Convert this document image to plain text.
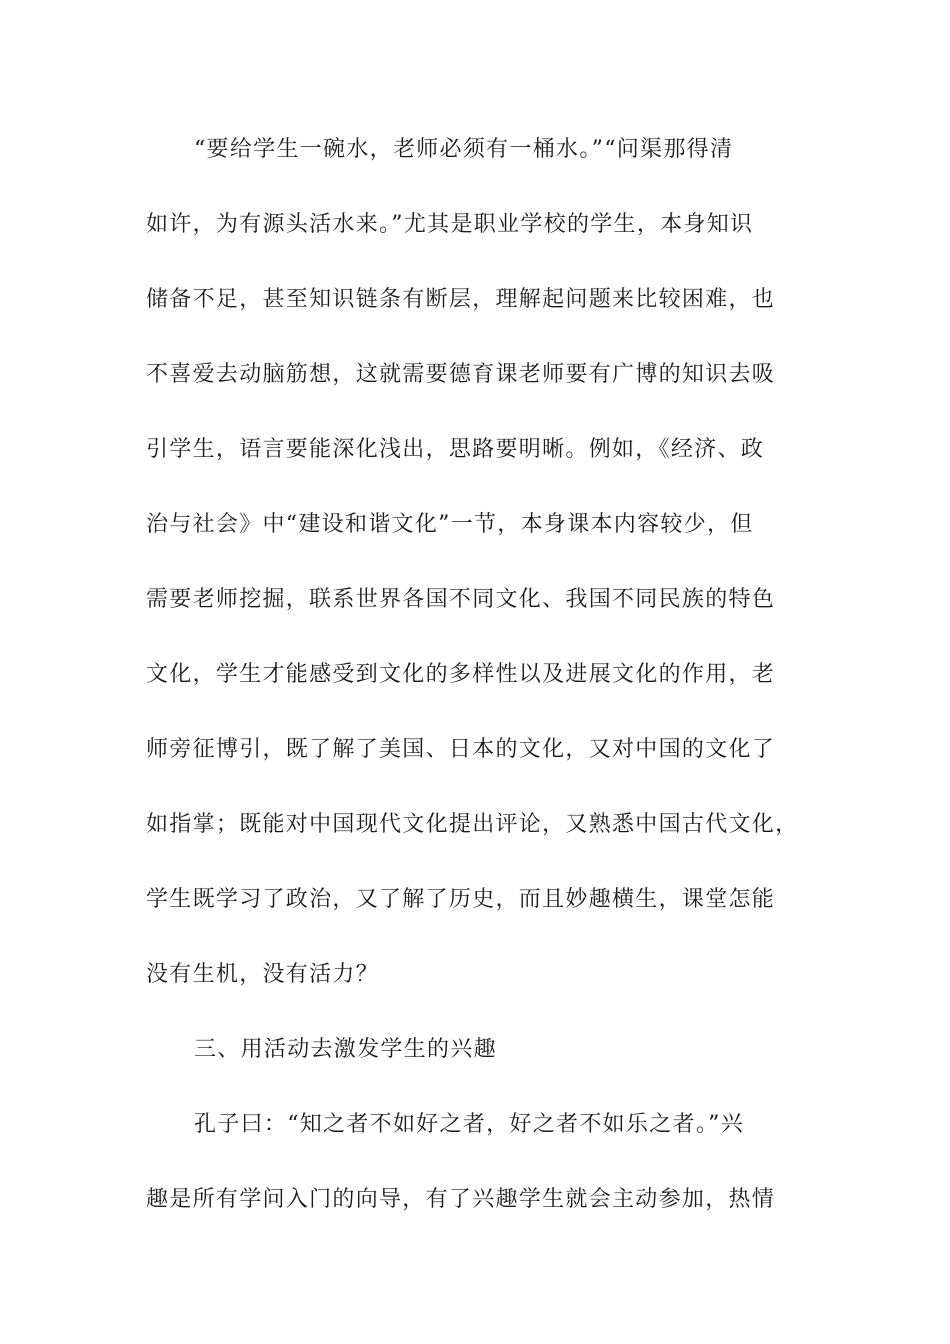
“要给学生一碗水，老师必须有一桶水。”“问渠那得清
如许，为有源头活水来。”尤其是职业学校的学生，本身知识
储备不足，甚至知识链条有断层，理解起问题来比较困难，也
不喜爱去动脑筋想，这就需要德育课老师要有广博的知识去吸
引学生，语言要能深化浅出，思路要明晰。例如，《经济、政
治与社会》中“建设和谐文化”一节，本身课本内容较少，但
需要老师挖掘，联系世界各国不同文化、我国不同民族的特色
文化，学生才能感受到文化的多样性以及进展文化的作用，老
师旁征博引，既了解了美国、日本的文化，又对中国的文化了
如指掌；既能对中国现代文化提出评论，又熟悉中国古代文化，
学生既学习了政治，又了解了历史，而且妙趣横生，课堂怎能
没有生机，没有活力？
三、用活动去激发学生的兴趣
孔子曰：“知之者不如好之者，好之者不如乐之者。”兴
趣是所有学问入门的向导，有了兴趣学生就会主动参加，热情
